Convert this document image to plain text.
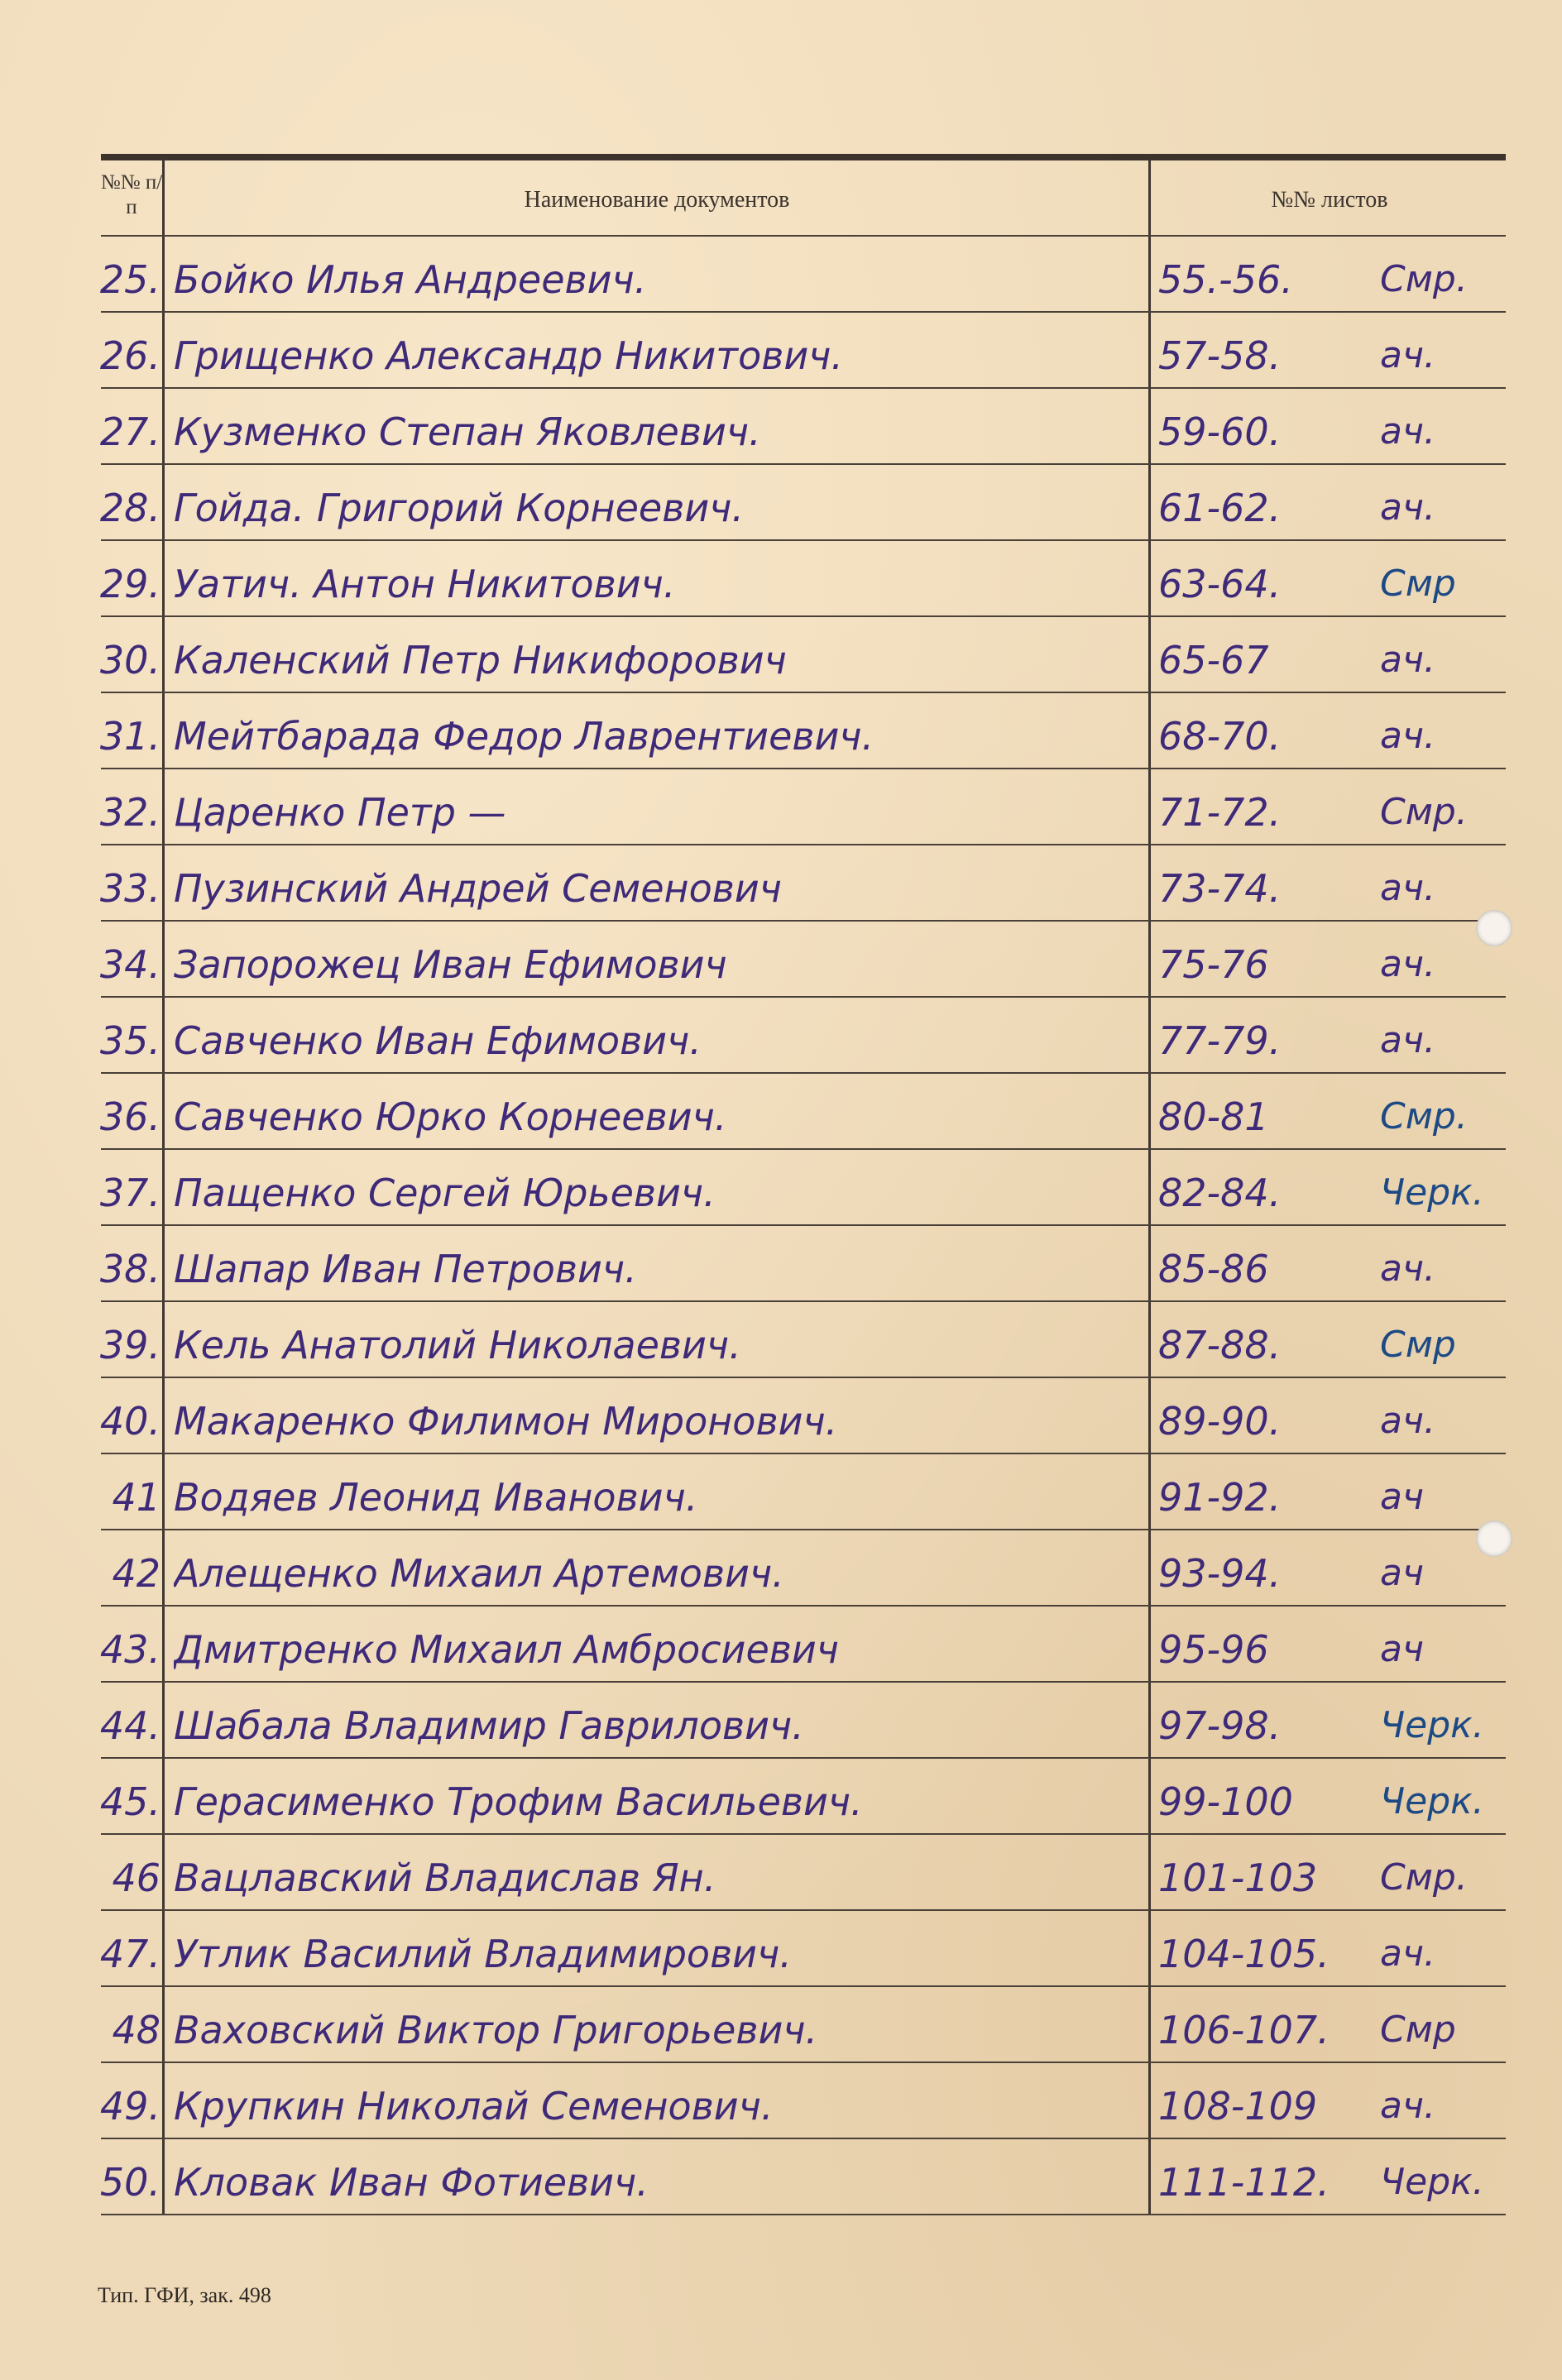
№№ п/п	Наименование документов	№№ листов
25. Бойко Илья Андреевич.	55.-56.	Смр.
26. Грищенко Александр Никитович.	57-58.	ач.
27. Кузменко Степан Яковлевич.	59-60.	ач.
28. Гойда. Григорий Корнеевич.	61-62.	ач.
29. Уатич. Антон Никитович.	63-64.	Смр
30. Каленский Петр Никифорович	65-67	ач.
31. Мейтбарада Федор Лаврентиевич.	68-70.	ач.
32. Царенко Петр —	71-72.	Смр.
33. Пузинский Андрей Семенович	73-74.	ач.
34. Запорожец Иван Ефимович	75-76	ач.
35. Савченко Иван Ефимович.	77-79.	ач.
36. Савченко Юрко Корнеевич.	80-81	Смр.
37. Пащенко Сергей Юрьевич.	82-84.	Черк.
38. Шапар Иван Петрович.	85-86	ач.
39. Кель Анатолий Николаевич.	87-88.	Смр
40. Макаренко Филимон Миронович.	89-90.	ач.
41 Водяев Леонид Иванович.	91-92.	ач
42 Алещенко Михаил Артемович.	93-94.	ач
43. Дмитренко Михаил Амбросиевич	95-96	ач
44. Шабала Владимир Гаврилович.	97-98.	Черк.
45. Герасименко Трофим Васильевич.	99-100	Черк.
46 Вацлавский Владислав Ян.	101-103	Смр.
47. Утлик Василий Владимирович.	104-105.	ач.
48 Ваховский Виктор Григорьевич.	106-107.	Смр
49. Крупкин Николай Семенович.	108-109	ач.
50. Кловак Иван Фотиевич.	111-112.	Черк.
Тип. ГФИ, зак. 498
